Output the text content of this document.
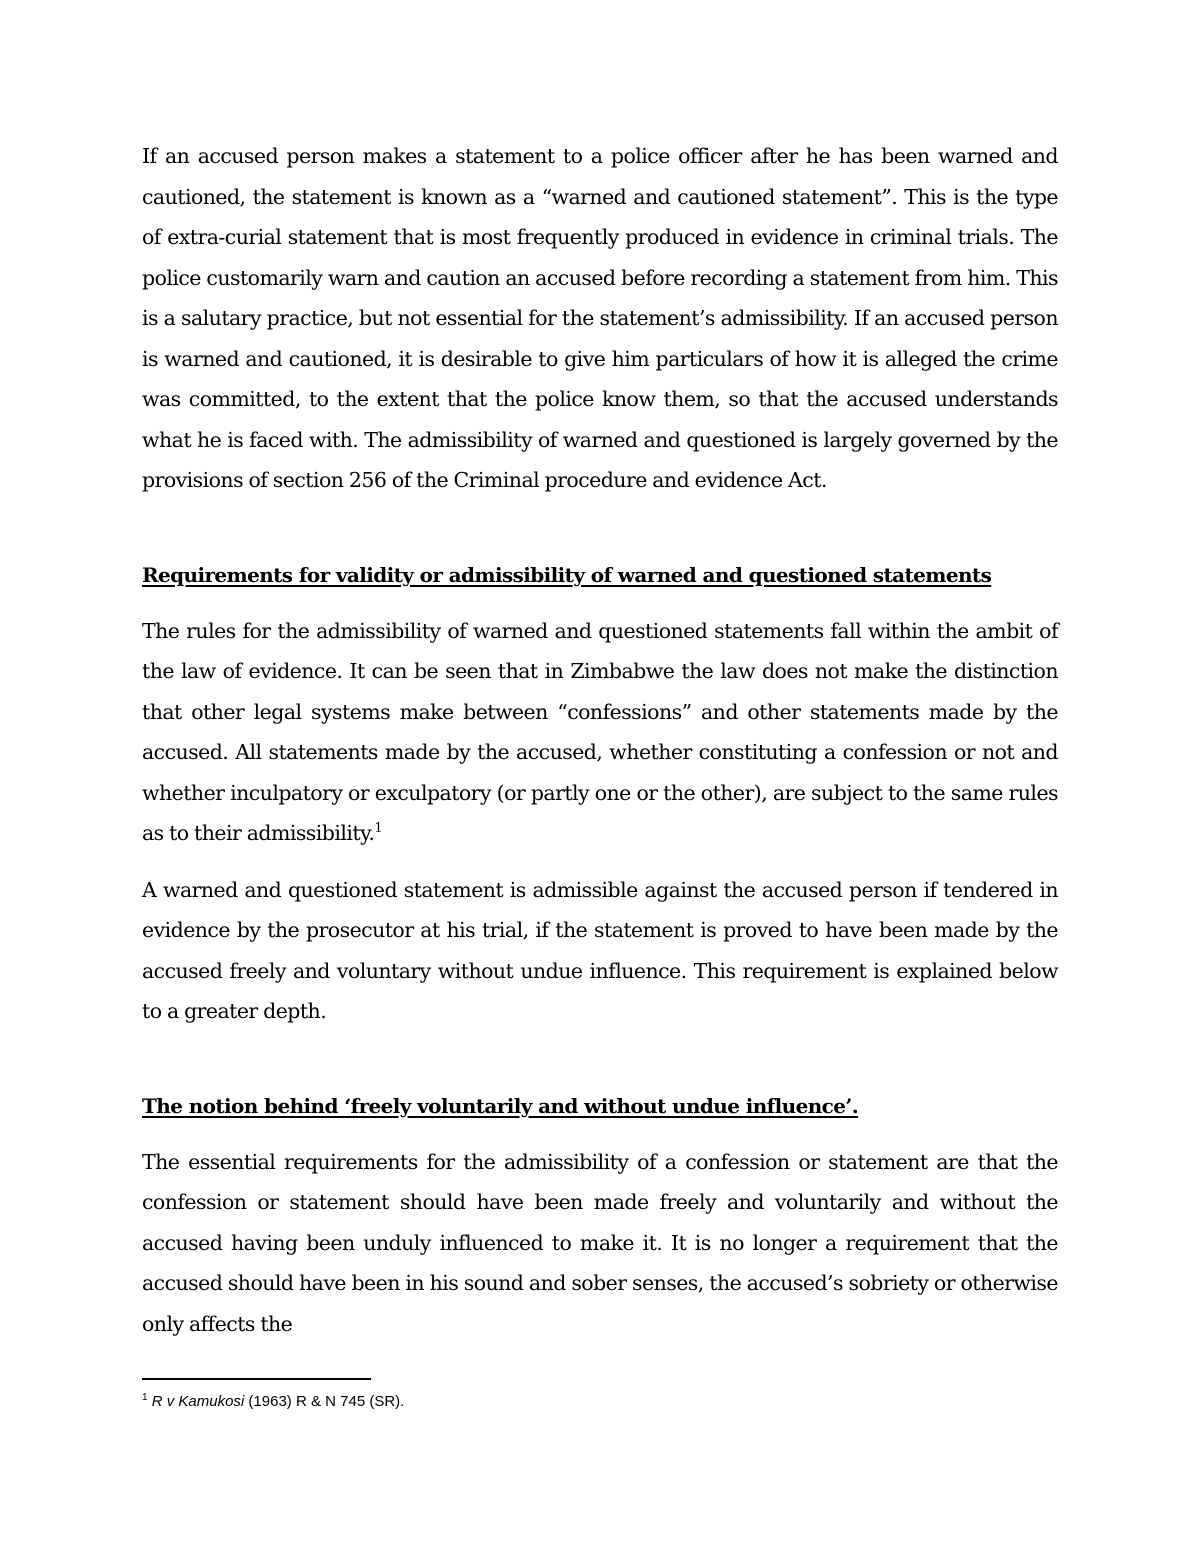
If an accused person makes a statement to a police officer after he has been warned and cautioned, the statement is known as a “warned and cautioned statement”. This is the type of extra-curial statement that is most frequently produced in evidence in criminal trials. The police customarily warn and caution an accused before recording a statement from him. This is a salutary practice, but not essential for the statement’s admissibility. If an accused person is warned and cautioned, it is desirable to give him particulars of how it is alleged the crime was committed, to the extent that the police know them, so that the accused understands what he is faced with. The admissibility of warned and questioned is largely governed by the provisions of section 256 of the Criminal procedure and evidence Act.

Requirements for validity or admissibility of warned and questioned statements

The rules for the admissibility of warned and questioned statements fall within the ambit of the law of evidence. It can be seen that in Zimbabwe the law does not make the distinction that other legal systems make between “confessions” and other statements made by the accused. All statements made by the accused, whether constituting a confession or not and whether inculpatory or exculpatory (or partly one or the other), are subject to the same rules as to their admissibility.$^1$

A warned and questioned statement is admissible against the accused person if tendered in evidence by the prosecutor at his trial, if the statement is proved to have been made by the accused freely and voluntary without undue influence. This requirement is explained below to a greater depth.

The notion behind ‘freely voluntarily and without undue influence’.

The essential requirements for the admissibility of a confession or statement are that the confession or statement should have been made freely and voluntarily and without the accused having been unduly influenced to make it. It is no longer a requirement that the accused should have been in his sound and sober senses, the accused’s sobriety or otherwise only affects the

$^1$ R v Kamukosi (1963) R & N 745 (SR).
